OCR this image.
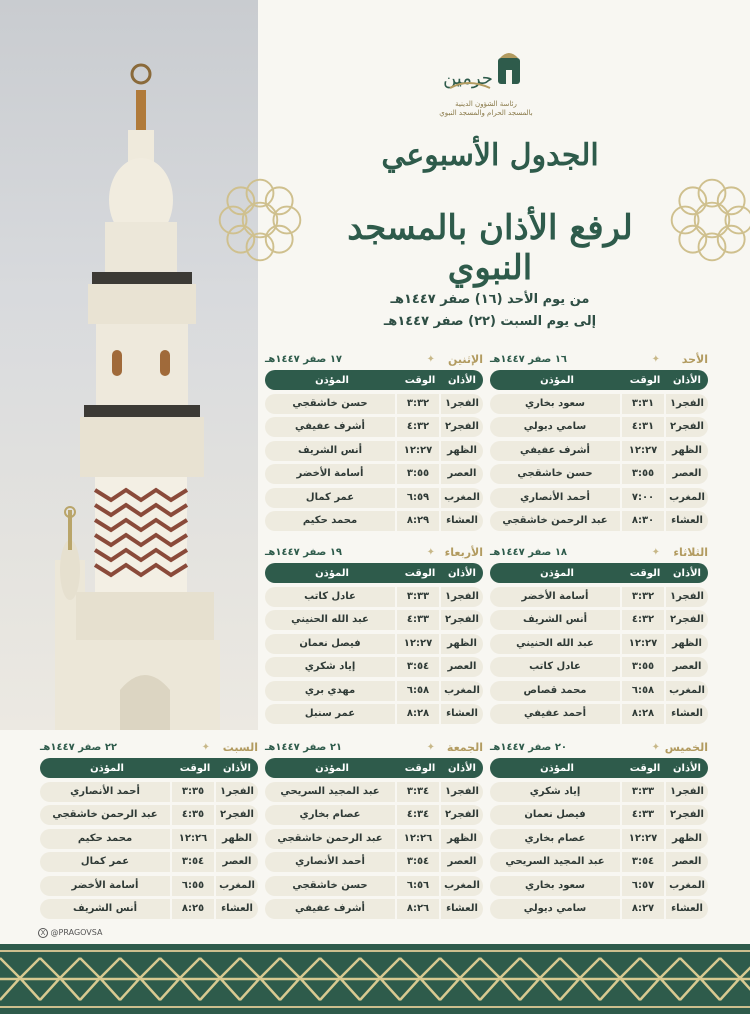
حرمين
رئاسة الشؤون الدينية
بالمسجد الحرام والمسجد النبوي
الجدول الأسبوعي
لرفع الأذان بالمسجد النبوي
من يوم الأحد (١٦) صفر ١٤٤٧هـ
إلى يوم السبت (٢٢) صفر ١٤٤٧هـ
الأحد
✦
١٦ صفر ١٤٤٧هـ
الأذان
الوقت
المؤذن
الفجر١
٣:٣١
سعود بخاري
الفجر٢
٤:٣١
سامي ديولي
الظهر
١٢:٢٧
أشرف عفيفي
العصر
٣:٥٥
حسن خاشقجي
المغرب
٧:٠٠
أحمد الأنصاري
العشاء
٨:٣٠
عبد الرحمن خاشقجي
الإثنين
✦
١٧ صفر ١٤٤٧هـ
الأذان
الوقت
المؤذن
الفجر١
٣:٣٢
حسن خاشقجي
الفجر٢
٤:٣٢
أشرف عفيفي
الظهر
١٢:٢٧
أنس الشريف
العصر
٣:٥٥
أسامة الأخضر
المغرب
٦:٥٩
عمر كمال
العشاء
٨:٢٩
محمد حكيم
الثلاثاء
✦
١٨ صفر ١٤٤٧هـ
الأذان
الوقت
المؤذن
الفجر١
٣:٣٢
أسامة الأخضر
الفجر٢
٤:٣٢
أنس الشريف
الظهر
١٢:٢٧
عبد الله الحنيني
العصر
٣:٥٥
عادل كاتب
المغرب
٦:٥٨
محمد قصاص
العشاء
٨:٢٨
أحمد عفيفي
الأربعاء
✦
١٩ صفر ١٤٤٧هـ
الأذان
الوقت
المؤذن
الفجر١
٣:٣٣
عادل كاتب
الفجر٢
٤:٣٣
عبد الله الحنيني
الظهر
١٢:٢٧
فيصل نعمان
العصر
٣:٥٤
إياد شكري
المغرب
٦:٥٨
مهدي بري
العشاء
٨:٢٨
عمر سنبل
الخميس
✦
٢٠ صفر ١٤٤٧هـ
الأذان
الوقت
المؤذن
الفجر١
٣:٣٣
إياد شكري
الفجر٢
٤:٣٣
فيصل نعمان
الظهر
١٢:٢٧
عصام بخاري
العصر
٣:٥٤
عبد المجيد السريحي
المغرب
٦:٥٧
سعود بخاري
العشاء
٨:٢٧
سامي ديولي
الجمعة
✦
٢١ صفر ١٤٤٧هـ
الأذان
الوقت
المؤذن
الفجر١
٣:٣٤
عبد المجيد السريحي
الفجر٢
٤:٣٤
عصام بخاري
الظهر
١٢:٢٦
عبد الرحمن خاشقجي
العصر
٣:٥٤
أحمد الأنصاري
المغرب
٦:٥٦
حسن خاشقجي
العشاء
٨:٢٦
أشرف عفيفي
السبت
✦
٢٢ صفر ١٤٤٧هـ
الأذان
الوقت
المؤذن
الفجر١
٣:٣٥
أحمد الأنصاري
الفجر٢
٤:٣٥
عبد الرحمن خاشقجي
الظهر
١٢:٢٦
محمد حكيم
العصر
٣:٥٤
عمر كمال
المغرب
٦:٥٥
أسامة الأخضر
العشاء
٨:٢٥
أنس الشريف
X @PRAGOVSA
